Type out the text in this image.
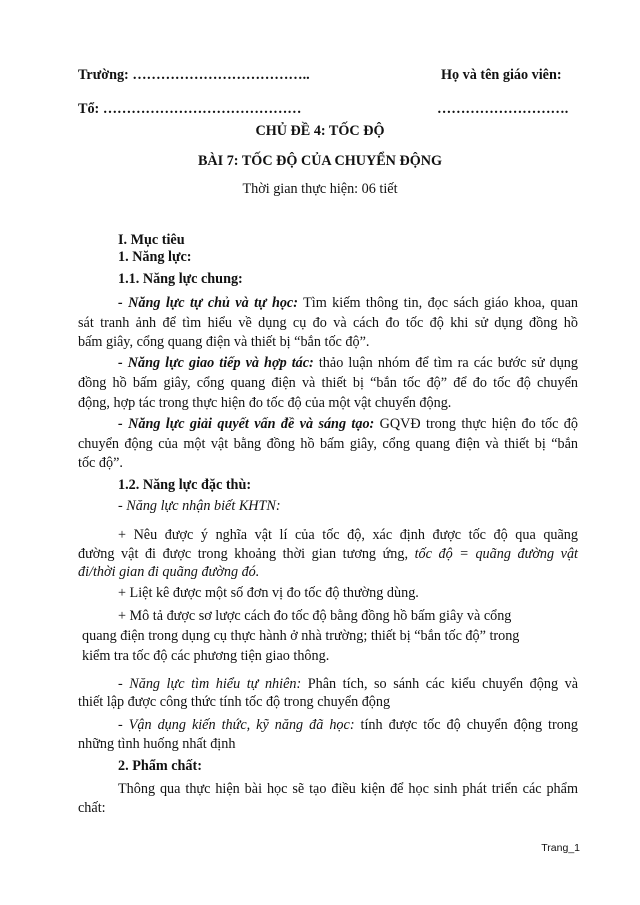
Trường: ………………………………..	Họ và tên giáo viên:
Tổ: ……………………………………	……………………….
CHỦ ĐỀ 4: TỐC ĐỘ
BÀI 7: TỐC ĐỘ CỦA CHUYỂN ĐỘNG
Thời gian thực hiện: 06 tiết
I. Mục tiêu
1. Năng lực:
1.1. Năng lực chung:
- Năng lực tự chủ và tự học: Tìm kiếm thông tin, đọc sách giáo khoa, quan
sát tranh ảnh để tìm hiểu về dụng cụ đo và cách đo tốc độ khi sử dụng đồng hồ
bấm giây, cổng quang điện và thiết bị “bắn tốc độ”.
- Năng lực giao tiếp và hợp tác: thảo luận nhóm để tìm ra các bước sử dụng
đồng hồ bấm giây, cổng quang điện và thiết bị “bắn tốc độ” để đo tốc độ chuyển
động, hợp tác trong thực hiện đo tốc độ của một vật chuyển động.
- Năng lực giải quyết vấn đề và sáng tạo: GQVĐ trong thực hiện đo tốc độ
chuyển động của một vật bằng đồng hồ bấm giây, cổng quang điện và thiết bị “bắn
tốc độ”.
1.2. Năng lực đặc thù:
- Năng lực nhận biết KHTN:
+ Nêu được ý nghĩa vật lí của tốc độ, xác định được tốc độ qua quãng
đường vật đi được trong khoảng thời gian tương ứng, tốc độ = quãng đường vật
đi/thời gian đi quãng đường đó.
+ Liệt kê được một số đơn vị đo tốc độ thường dùng.
+ Mô tả được sơ lược cách đo tốc độ bằng đồng hồ bấm giây và cổng
quang điện trong dụng cụ thực hành ở nhà trường; thiết bị “bắn tốc độ” trong
kiểm tra tốc độ các phương tiện giao thông.
- Năng lực tìm hiểu tự nhiên: Phân tích, so sánh các kiểu chuyển động và
thiết lập được công thức tính tốc độ trong chuyển động
- Vận dụng kiến thức, kỹ năng đã học: tính được tốc độ chuyển động trong
những tình huống nhất định
2. Phẩm chất:
Thông qua thực hiện bài học sẽ tạo điều kiện để học sinh phát triển các phẩm
chất:
Trang_1
